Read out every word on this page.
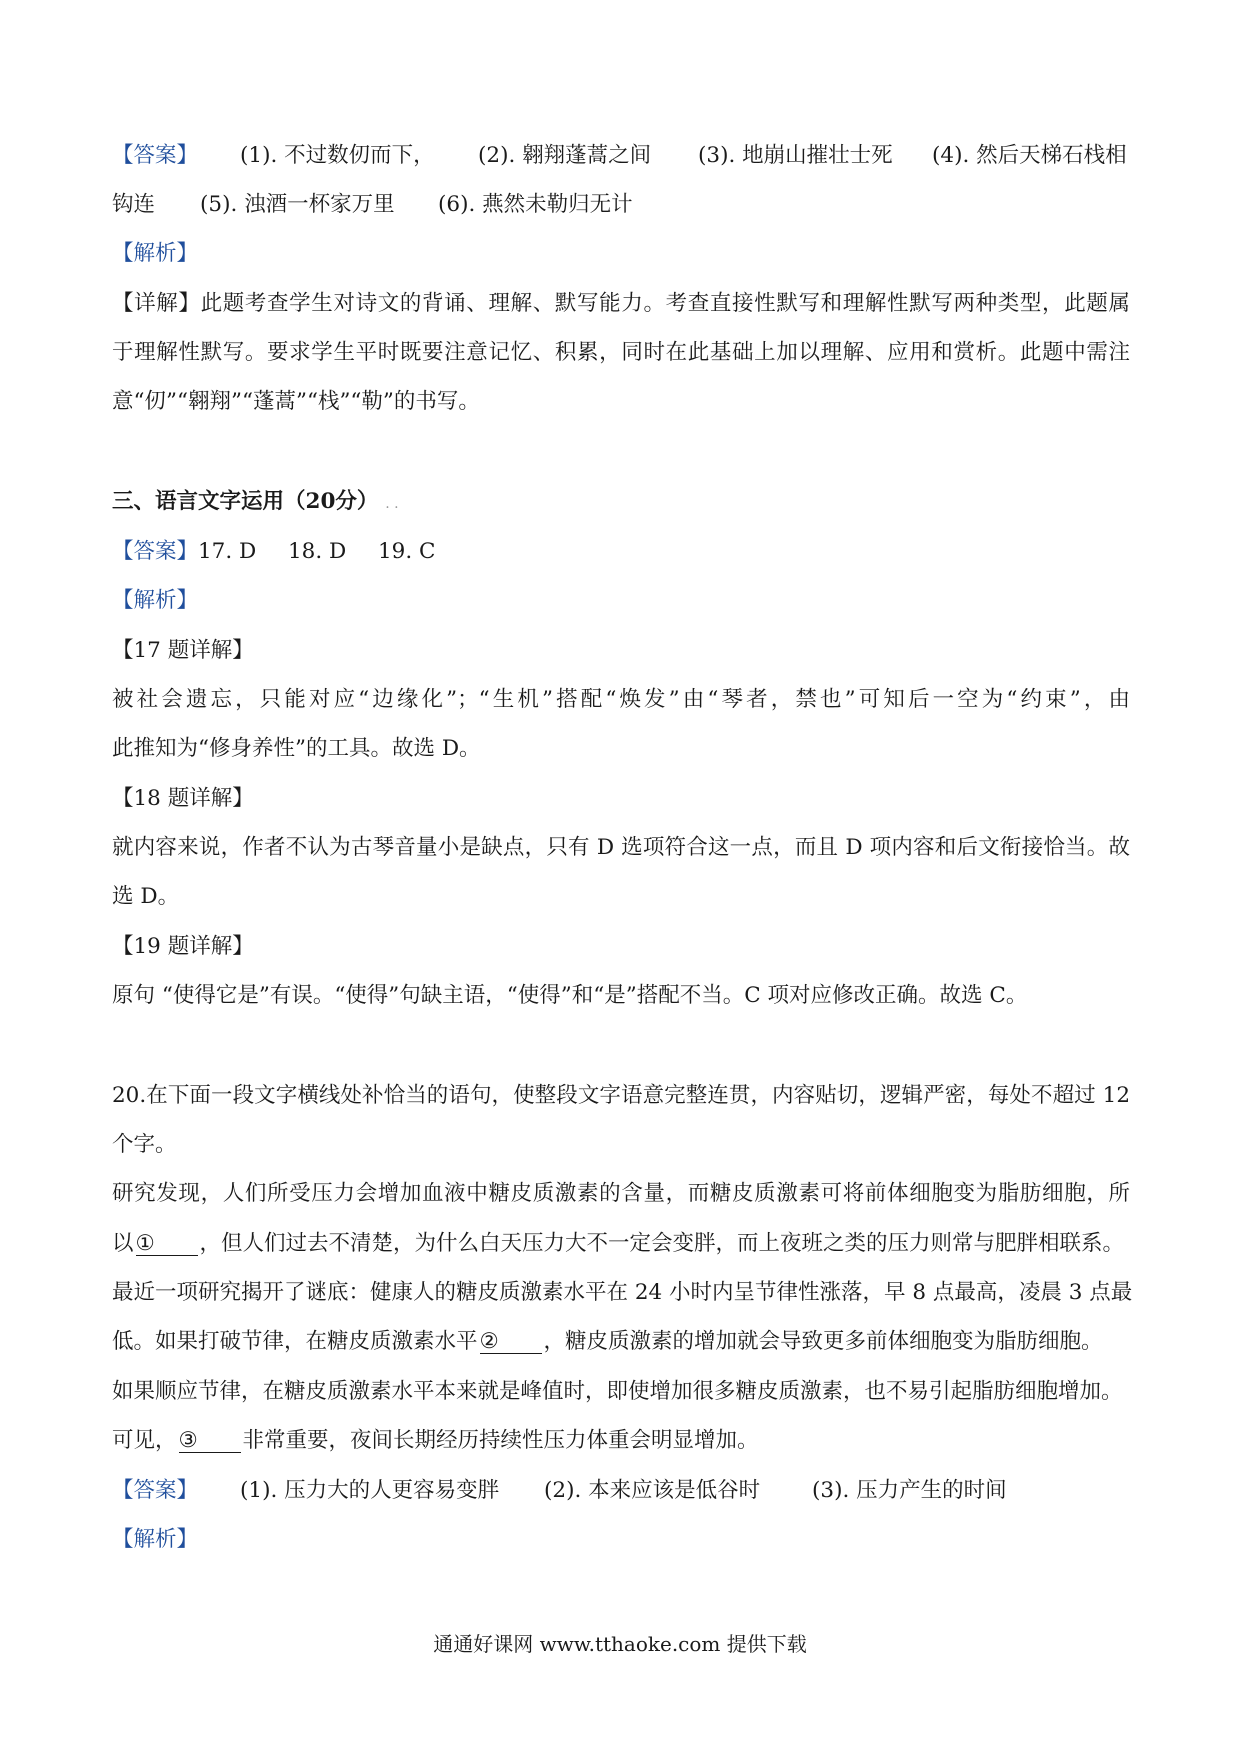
【答案】 (1). 不过数仞而下， (2). 翱翔蓬蒿之间 (3). 地崩山摧壮士死 (4). 然后天梯石栈相
钩连 (5). 浊酒一杯家万里 (6). 燕然未勒归无计
【解析】
【详解】此题考查学生对诗文的背诵、理解、默写能力。考查直接性默写和理解性默写两种类型，此题属
于理解性默写。要求学生平时既要注意记忆、积累，同时在此基础上加以理解、应用和赏析。此题中需注
意“仞”“翱翔”“蓬蒿”“栈”“勒”的书写。
三、语言文字运用（20分） . .
【答案】 17. D 18. D 19. C
【解析】
【17 题详解】
被社会遗忘，只能对应“边缘化”；“生机”搭配“焕发”由“琴者，禁也”可知后一空为“约束”，由
此推知为“修身养性”的工具。故选 D。
【18 题详解】
就内容来说，作者不认为古琴音量小是缺点，只有 D 选项符合这一点，而且 D 项内容和后文衔接恰当。故
选 D。
【19 题详解】
原句 “使得它是”有误。“使得”句缺主语，“使得”和“是”搭配不当。C 项对应修改正确。故选 C。
20.在下面一段文字横线处补恰当的语句，使整段文字语意完整连贯，内容贴切，逻辑严密，每处不超过 12
个字。
研究发现，人们所受压力会增加血液中糖皮质激素的含量，而糖皮质激素可将前体细胞变为脂肪细胞，所
以① ，但人们过去不清楚，为什么白天压力大不一定会变胖，而上夜班之类的压力则常与肥胖相联系。
最近一项研究揭开了谜底：健康人的糖皮质激素水平在 24 小时内呈节律性涨落，早 8 点最高，凌晨 3 点最
低。如果打破节律，在糖皮质激素水平② ，糖皮质激素的增加就会导致更多前体细胞变为脂肪细胞。
如果顺应节律，在糖皮质激素水平本来就是峰值时，即使增加很多糖皮质激素，也不易引起脂肪细胞增加。
可见，③ 非常重要，夜间长期经历持续性压力体重会明显增加。
【答案】 (1). 压力大的人更容易变胖 (2). 本来应该是低谷时 (3). 压力产生的时间
【解析】
通通好课网 www.tthaoke.com 提供下载
